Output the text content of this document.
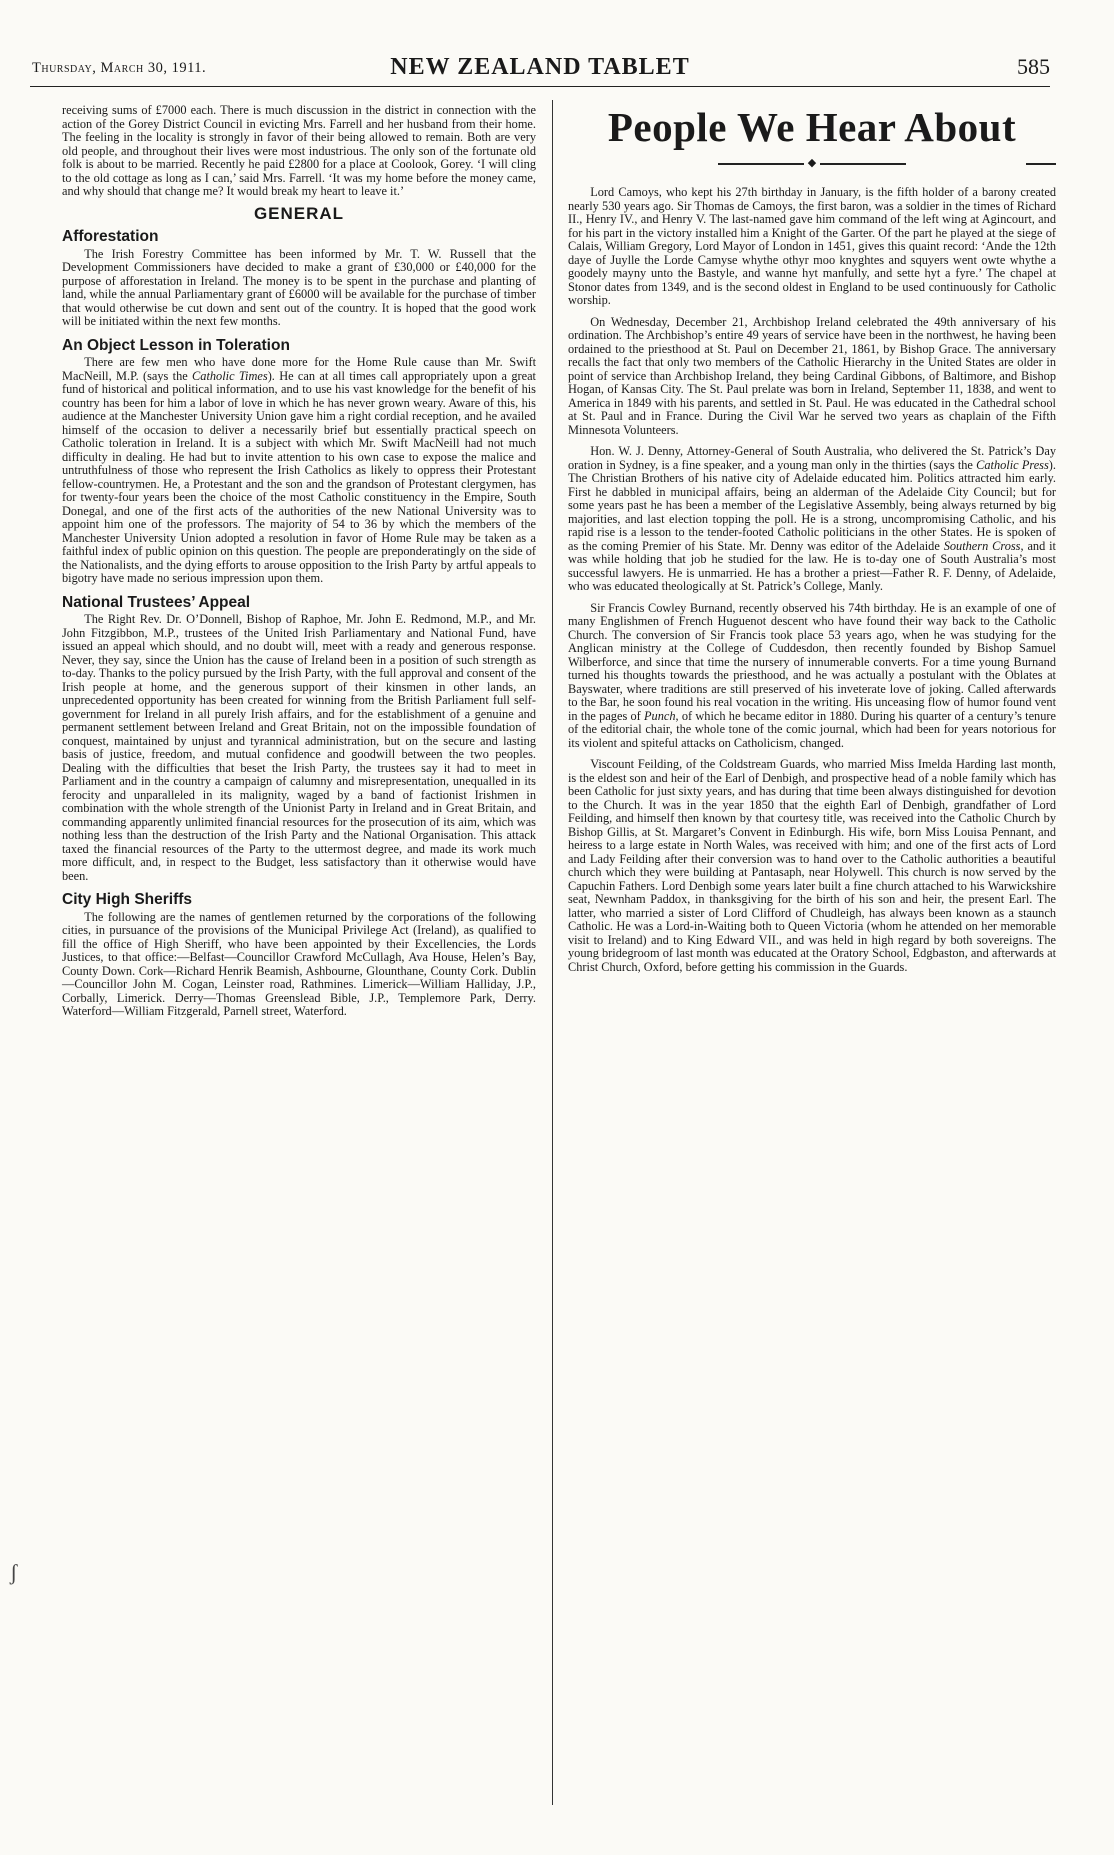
Thursday, March 30, 1911.	NEW ZEALAND TABLET	585

receiving sums of £7000 each. There is much discussion in the district in connection with the action of the Gorey District Council in evicting Mrs. Farrell and her husband from their home. The feeling in the locality is strongly in favor of their being allowed to remain. Both are very old people, and throughout their lives were most industrious. The only son of the fortunate old folk is about to be married. Recently he paid £2800 for a place at Coolook, Gorey. ‘I will cling to the old cottage as long as I can,’ said Mrs. Farrell. ‘It was my home before the money came, and why should that change me? It would break my heart to leave it.’

GENERAL
Afforestation

The Irish Forestry Committee has been informed by Mr. T. W. Russell that the Development Commissioners have decided to make a grant of £30,000 or £40,000 for the purpose of afforestation in Ireland. The money is to be spent in the purchase and planting of land, while the annual Parliamentary grant of £6000 will be available for the purchase of timber that would otherwise be cut down and sent out of the country. It is hoped that the good work will be initiated within the next few months.

An Object Lesson in Toleration

There are few men who have done more for the Home Rule cause than Mr. Swift MacNeill, M.P. (says the Catholic Times). He can at all times call appropriately upon a great fund of historical and political information, and to use his vast knowledge for the benefit of his country has been for him a labor of love in which he has never grown weary. Aware of this, his audience at the Manchester University Union gave him a right cordial reception, and he availed himself of the occasion to deliver a necessarily brief but essentially practical speech on Catholic toleration in Ireland. It is a subject with which Mr. Swift MacNeill had not much difficulty in dealing. He had but to invite attention to his own case to expose the malice and untruthfulness of those who represent the Irish Catholics as likely to oppress their Protestant fellow-countrymen. He, a Protestant and the son and the grandson of Protestant clergymen, has for twenty-four years been the choice of the most Catholic constituency in the Empire, South Donegal, and one of the first acts of the authorities of the new National University was to appoint him one of the professors. The majority of 54 to 36 by which the members of the Manchester University Union adopted a resolution in favor of Home Rule may be taken as a faithful index of public opinion on this question. The people are preponderatingly on the side of the Nationalists, and the dying efforts to arouse opposition to the Irish Party by artful appeals to bigotry have made no serious impression upon them.

National Trustees’ Appeal

The Right Rev. Dr. O’Donnell, Bishop of Raphoe, Mr. John E. Redmond, M.P., and Mr. John Fitzgibbon, M.P., trustees of the United Irish Parliamentary and National Fund, have issued an appeal which should, and no doubt will, meet with a ready and generous response. Never, they say, since the Union has the cause of Ireland been in a position of such strength as to-day. Thanks to the policy pursued by the Irish Party, with the full approval and consent of the Irish people at home, and the generous support of their kinsmen in other lands, an unprecedented opportunity has been created for winning from the British Parliament full self-government for Ireland in all purely Irish affairs, and for the establishment of a genuine and permanent settlement between Ireland and Great Britain, not on the impossible foundation of conquest, maintained by unjust and tyrannical administration, but on the secure and lasting basis of justice, freedom, and mutual confidence and goodwill between the two peoples. Dealing with the difficulties that beset the Irish Party, the trustees say it had to meet in Parliament and in the country a campaign of calumny and misrepresentation, unequalled in its ferocity and unparalleled in its malignity, waged by a band of factionist Irishmen in combination with the whole strength of the Unionist Party in Ireland and in Great Britain, and commanding apparently unlimited financial resources for the prosecution of its aim, which was nothing less than the destruction of the Irish Party and the National Organisation. This attack taxed the financial resources of the Party to the uttermost degree, and made its work much more difficult, and, in respect to the Budget, less satisfactory than it otherwise would have been.

City High Sheriffs

The following are the names of gentlemen returned by the corporations of the following cities, in pursuance of the provisions of the Municipal Privilege Act (Ireland), as qualified to fill the office of High Sheriff, who have been appointed by their Excellencies, the Lords Justices, to that office:—Belfast—Councillor Crawford McCullagh, Ava House, Helen’s Bay, County Down. Cork—Richard Henrik Beamish, Ashbourne, Glounthane, County Cork. Dublin—Councillor John M. Cogan, Leinster road, Rathmines. Limerick—William Halliday, J.P., Corbally, Limerick. Derry—Thomas Greenslead Bible, J.P., Templemore Park, Derry. Waterford—William Fitzgerald, Parnell street, Waterford.

People We Hear About
◆

Lord Camoys, who kept his 27th birthday in January, is the fifth holder of a barony created nearly 530 years ago. Sir Thomas de Camoys, the first baron, was a soldier in the times of Richard II., Henry IV., and Henry V. The last-named gave him command of the left wing at Agincourt, and for his part in the victory installed him a Knight of the Garter. Of the part he played at the siege of Calais, William Gregory, Lord Mayor of London in 1451, gives this quaint record: ‘Ande the 12th daye of Juylle the Lorde Camyse whythe othyr moo knyghtes and squyers went owte whythe a goodely mayny unto the Bastyle, and wanne hyt manfully, and sette hyt a fyre.’ The chapel at Stonor dates from 1349, and is the second oldest in England to be used continuously for Catholic worship.

On Wednesday, December 21, Archbishop Ireland celebrated the 49th anniversary of his ordination. The Archbishop’s entire 49 years of service have been in the northwest, he having been ordained to the priesthood at St. Paul on December 21, 1861, by Bishop Grace. The anniversary recalls the fact that only two members of the Catholic Hierarchy in the United States are older in point of service than Archbishop Ireland, they being Cardinal Gibbons, of Baltimore, and Bishop Hogan, of Kansas City. The St. Paul prelate was born in Ireland, September 11, 1838, and went to America in 1849 with his parents, and settled in St. Paul. He was educated in the Cathedral school at St. Paul and in France. During the Civil War he served two years as chaplain of the Fifth Minnesota Volunteers.

Hon. W. J. Denny, Attorney-General of South Australia, who delivered the St. Patrick’s Day oration in Sydney, is a fine speaker, and a young man only in the thirties (says the Catholic Press). The Christian Brothers of his native city of Adelaide educated him. Politics attracted him early. First he dabbled in municipal affairs, being an alderman of the Adelaide City Council; but for some years past he has been a member of the Legislative Assembly, being always returned by big majorities, and last election topping the poll. He is a strong, uncompromising Catholic, and his rapid rise is a lesson to the tender-footed Catholic politicians in the other States. He is spoken of as the coming Premier of his State. Mr. Denny was editor of the Adelaide Southern Cross, and it was while holding that job he studied for the law. He is to-day one of South Australia’s most successful lawyers. He is unmarried. He has a brother a priest—Father R. F. Denny, of Adelaide, who was educated theologically at St. Patrick’s College, Manly.

Sir Francis Cowley Burnand, recently observed his 74th birthday. He is an example of one of many Englishmen of French Huguenot descent who have found their way back to the Catholic Church. The conversion of Sir Francis took place 53 years ago, when he was studying for the Anglican ministry at the College of Cuddesdon, then recently founded by Bishop Samuel Wilberforce, and since that time the nursery of innumerable converts. For a time young Burnand turned his thoughts towards the priesthood, and he was actually a postulant with the Oblates at Bayswater, where traditions are still preserved of his inveterate love of joking. Called afterwards to the Bar, he soon found his real vocation in the writing. His unceasing flow of humor found vent in the pages of Punch, of which he became editor in 1880. During his quarter of a century’s tenure of the editorial chair, the whole tone of the comic journal, which had been for years notorious for its violent and spiteful attacks on Catholicism, changed.

Viscount Feilding, of the Coldstream Guards, who married Miss Imelda Harding last month, is the eldest son and heir of the Earl of Denbigh, and prospective head of a noble family which has been Catholic for just sixty years, and has during that time been always distinguished for devotion to the Church. It was in the year 1850 that the eighth Earl of Denbigh, grandfather of Lord Feilding, and himself then known by that courtesy title, was received into the Catholic Church by Bishop Gillis, at St. Margaret’s Convent in Edinburgh. His wife, born Miss Louisa Pennant, and heiress to a large estate in North Wales, was received with him; and one of the first acts of Lord and Lady Feilding after their conversion was to hand over to the Catholic authorities a beautiful church which they were building at Pantasaph, near Holywell. This church is now served by the Capuchin Fathers. Lord Denbigh some years later built a fine church attached to his Warwickshire seat, Newnham Paddox, in thanksgiving for the birth of his son and heir, the present Earl. The latter, who married a sister of Lord Clifford of Chudleigh, has always been known as a staunch Catholic. He was a Lord-in-Waiting both to Queen Victoria (whom he attended on her memorable visit to Ireland) and to King Edward VII., and was held in high regard by both sovereigns. The young bridegroom of last month was educated at the Oratory School, Edgbaston, and afterwards at Christ Church, Oxford, before getting his commission in the Guards.

ʃ
